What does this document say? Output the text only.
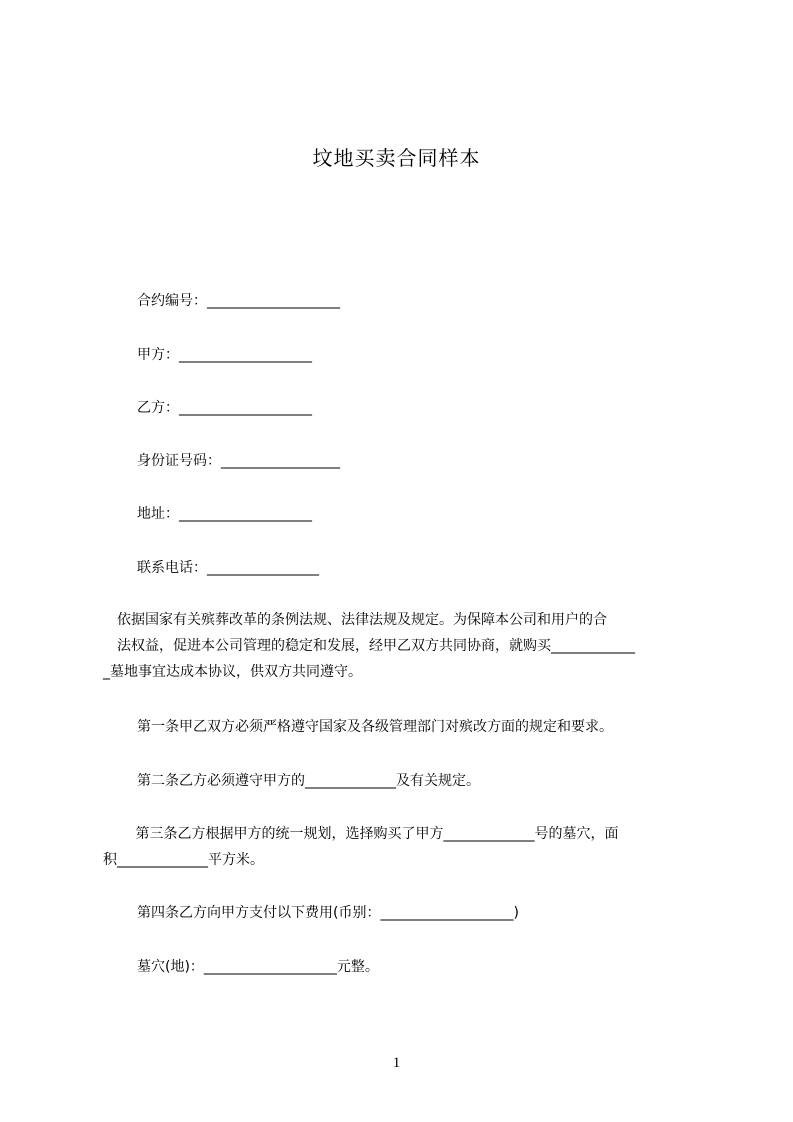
坟地买卖合同样本
合约编号：___________________
甲方：___________________
乙方：___________________
身份证号码：_________________
地址：___________________
联系电话：________________
　依据国家有关殡葬改革的条例法规、法律法规及规定。为保障本公司和用户的合
　法权益，促进本公司管理的稳定和发展，经甲乙双方共同协商，就购买____________
_墓地事宜达成本协议，供双方共同遵守。
第一条甲乙双方必须严格遵守国家及各级管理部门对殡改方面的规定和要求。
第二条乙方必须遵守甲方的_____________及有关规定。
　　 第三条乙方根据甲方的统一规划，选择购买了甲方_____________号的墓穴，面
积_____________平方米。
第四条乙方向甲方支付以下费用(币别：___________________)
墓穴(地)：___________________元整。
1
